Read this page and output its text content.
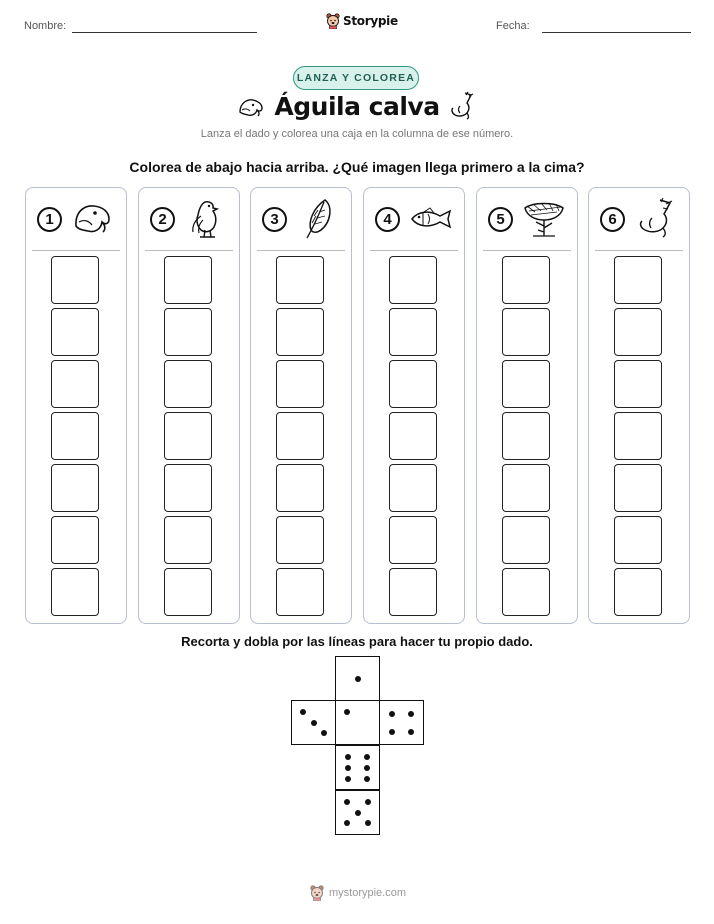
Nombre:	Storypie	Fecha:
LANZA Y COLOREA
Águila calva
Lanza el dado y colorea una caja en la columna de ese número.
Colorea de abajo hacia arriba. ¿Qué imagen llega primero a la cima?
1	2	3	4	5	6
Recorta y dobla por las líneas para hacer tu propio dado.
mystorypie.com
